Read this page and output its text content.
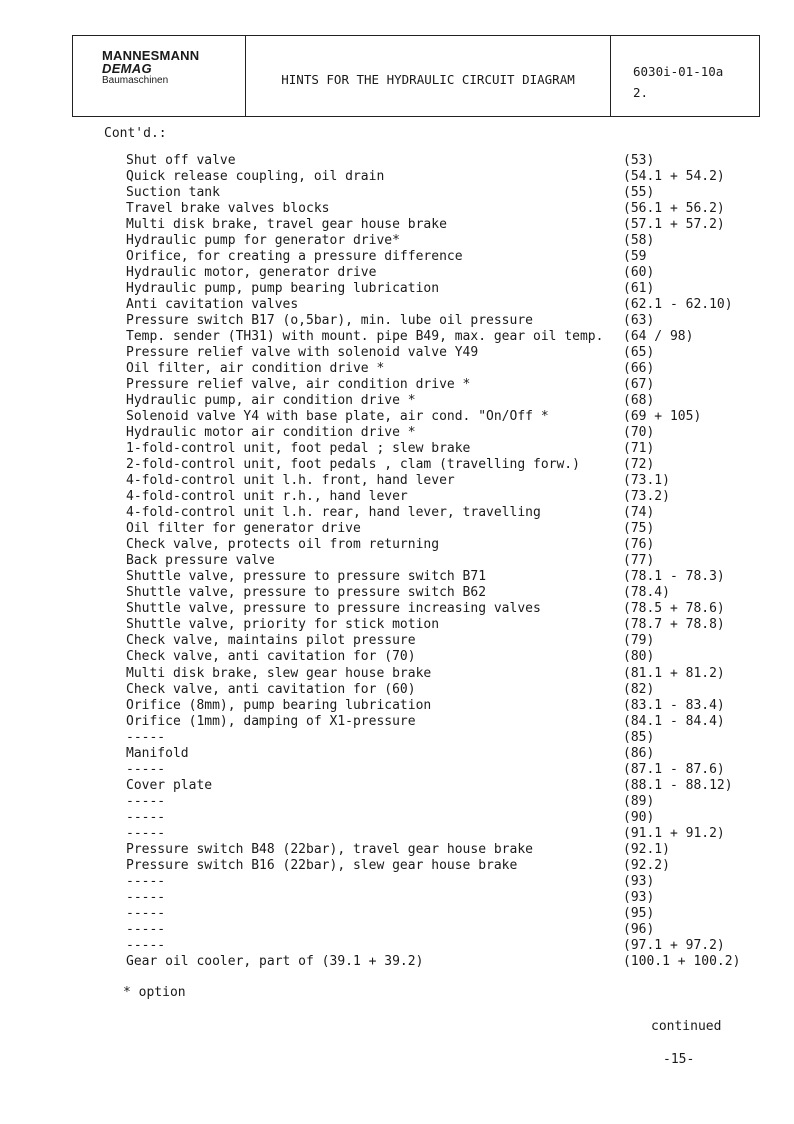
MANNESMANN
DEMAG
Baumaschinen	HINTS FOR THE HYDRAULIC CIRCUIT DIAGRAM	6030i-01-10a
2.
Cont'd.:
Shut off valve	(53)
Quick release coupling, oil drain	(54.1 + 54.2)
Suction tank	(55)
Travel brake valves blocks	(56.1 + 56.2)
Multi disk brake, travel gear house brake	(57.1 + 57.2)
Hydraulic pump for generator drive*	(58)
Orifice, for creating a pressure difference	(59
Hydraulic motor, generator drive	(60)
Hydraulic pump, pump bearing lubrication	(61)
Anti cavitation valves	(62.1 - 62.10)
Pressure switch B17 (o,5bar), min. lube oil pressure	(63)
Temp. sender (TH31) with mount. pipe B49, max. gear oil temp. (64 / 98)
Pressure relief valve with solenoid valve Y49	(65)
Oil filter, air condition drive *	(66)
Pressure relief valve, air condition drive *	(67)
Hydraulic pump, air condition drive *	(68)
Solenoid valve Y4 with base plate, air cond. "On/Off *	(69 + 105)
Hydraulic motor air condition drive *	(70)
1-fold-control unit, foot pedal ; slew brake	(71)
2-fold-control unit, foot pedals , clam (travelling forw.)	(72)
4-fold-control unit l.h. front, hand lever	(73.1)
4-fold-control unit r.h., hand lever	(73.2)
4-fold-control unit l.h. rear, hand lever, travelling	(74)
Oil filter for generator drive	(75)
Check valve, protects oil from returning	(76)
Back pressure valve	(77)
Shuttle valve, pressure to pressure switch B71	(78.1 - 78.3)
Shuttle valve, pressure to pressure switch B62	(78.4)
Shuttle valve, pressure to pressure increasing valves	(78.5 + 78.6)
Shuttle valve, priority for stick motion	(78.7 + 78.8)
Check valve, maintains pilot pressure	(79)
Check valve, anti cavitation for (70)	(80)
Multi disk brake, slew gear house brake	(81.1 + 81.2)
Check valve, anti cavitation for (60)	(82)
Orifice (8mm), pump bearing lubrication	(83.1 - 83.4)
Orifice (1mm), damping of X1-pressure	(84.1 - 84.4)
-----	(85)
Manifold	(86)
-----	(87.1 - 87.6)
Cover plate	(88.1 - 88.12)
-----	(89)
-----	(90)
-----	(91.1 + 91.2)
Pressure switch B48 (22bar), travel gear house brake	(92.1)
Pressure switch B16 (22bar), slew gear house brake	(92.2)
-----	(93)
-----	(93)
-----	(95)
-----	(96)
-----	(97.1 + 97.2)
Gear oil cooler, part of (39.1 + 39.2)	(100.1 + 100.2)
* option
continued
-15-
